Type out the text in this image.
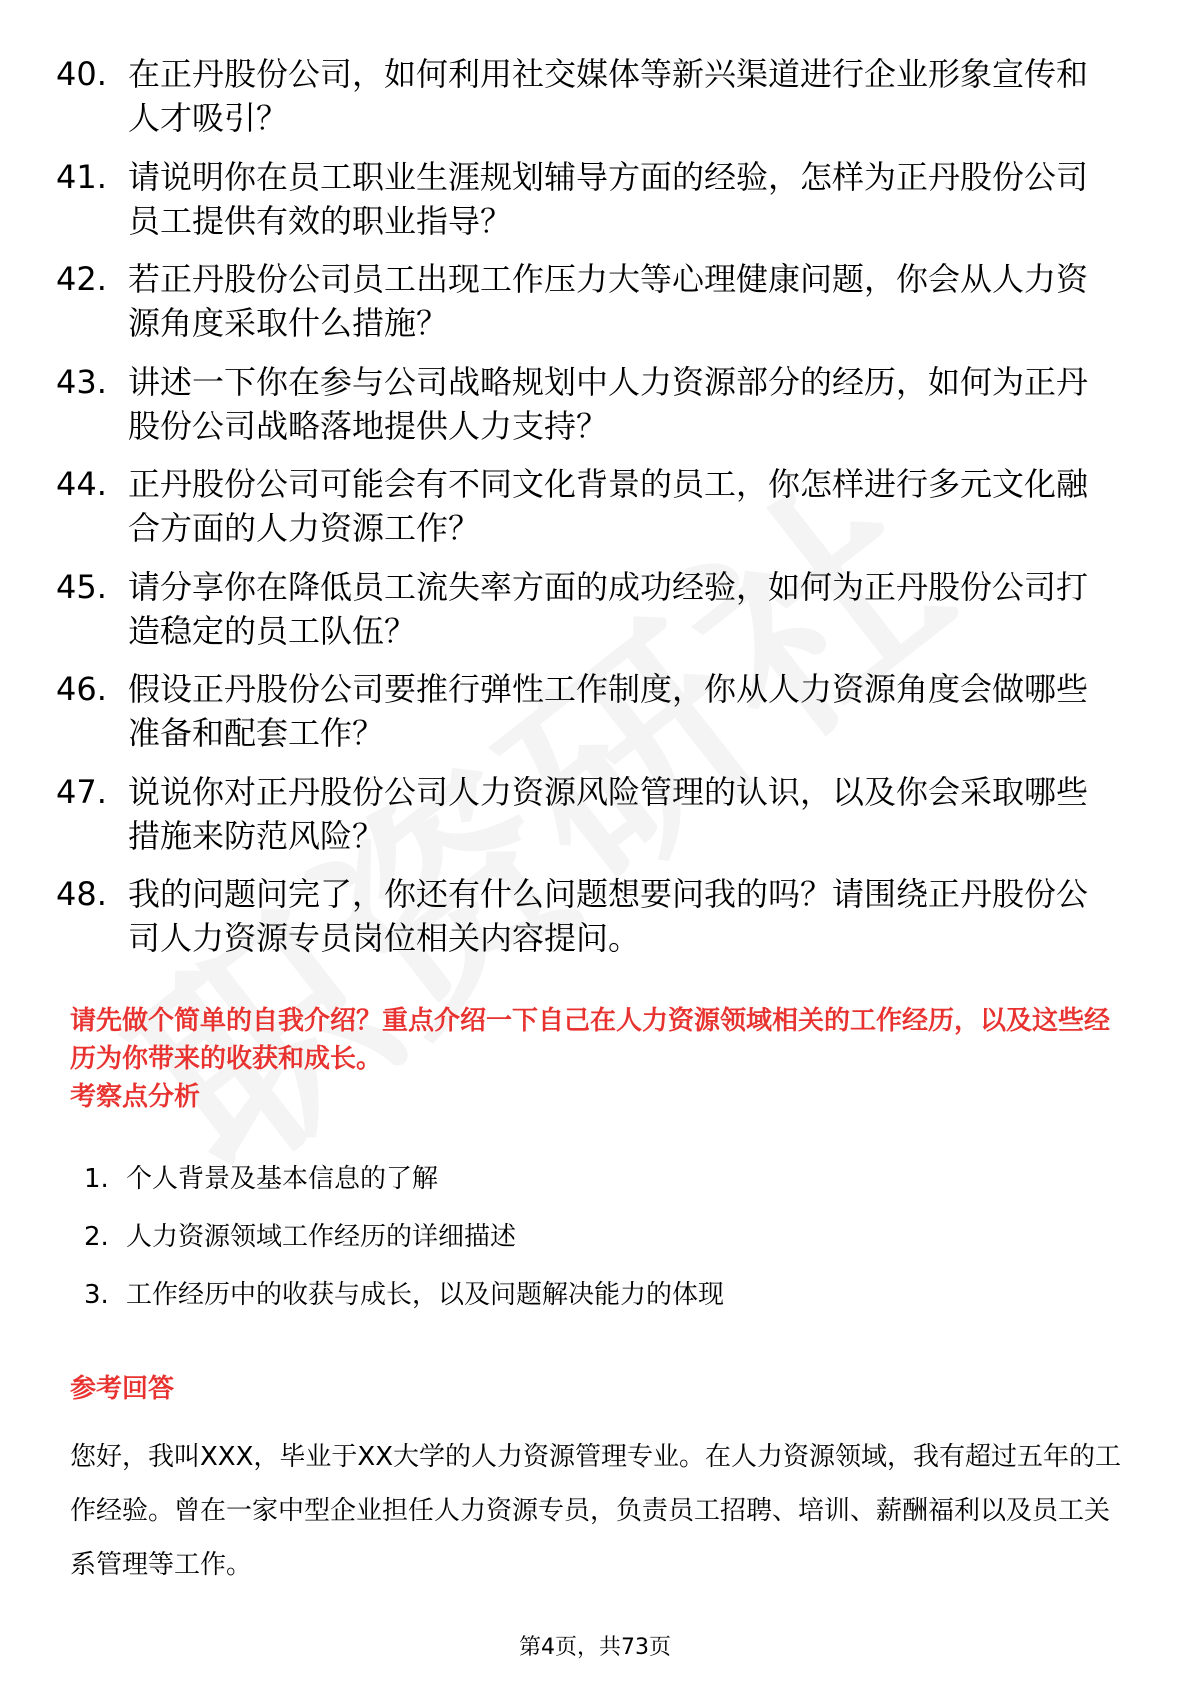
40. 在正丹股份公司，如何利用社交媒体等新兴渠道进行企业形象宣传和人才吸引？
41. 请说明你在员工职业生涯规划辅导方面的经验，怎样为正丹股份公司员工提供有效的职业指导？
42. 若正丹股份公司员工出现工作压力大等心理健康问题，你会从人力资源角度采取什么措施？
43. 讲述一下你在参与公司战略规划中人力资源部分的经历，如何为正丹股份公司战略落地提供人力支持？
44. 正丹股份公司可能会有不同文化背景的员工，你怎样进行多元文化融合方面的人力资源工作？
45. 请分享你在降低员工流失率方面的成功经验，如何为正丹股份公司打造稳定的员工队伍？
46. 假设正丹股份公司要推行弹性工作制度，你从人力资源角度会做哪些准备和配套工作？
47. 说说你对正丹股份公司人力资源风险管理的认识，以及你会采取哪些措施来防范风险？
48. 我的问题问完了，你还有什么问题想要问我的吗？请围绕正丹股份公司人力资源专员岗位相关内容提问。
请先做个简单的自我介绍？重点介绍一下自己在人力资源领域相关的工作经历，以及这些经历为你带来的收获和成长。
考察点分析
1. 个人背景及基本信息的了解
2. 人力资源领域工作经历的详细描述
3. 工作经历中的收获与成长，以及问题解决能力的体现
参考回答
您好，我叫XXX，毕业于XX大学的人力资源管理专业。在人力资源领域，我有超过五年的工作经验。曾在一家中型企业担任人力资源专员，负责员工招聘、培训、薪酬福利以及员工关系管理等工作。
第4页，共73页
